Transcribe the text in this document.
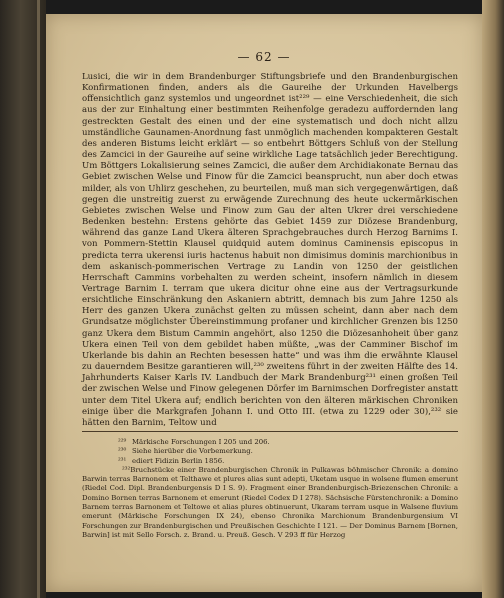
— 62 —

Lusici, die wir in dem Brandenburger Stiftungsbriefe und den Brandenburgischen Konfirmationen finden, anders als die Gaureihe der Urkunden Havelbergs offensichtlich ganz systemlos und ungeordnet ist²²⁹ — eine Verschiedenheit, die sich aus der zur Einhaltung einer bestimmten Reihenfolge geradezu auffordernden lang gestreckten Gestalt des einen und der eine systematisch und doch nicht allzu umständliche Gaunamen-Anordnung fast unmöglich machenden kompakteren Gestalt des anderen Bistums leicht erklärt — so entbehrt Böttgers Schluß von der Stellung des Zamcici in der Gaureihe auf seine wirkliche Lage tatsächlich jeder Berechtigung. Um Böttgers Lokalisierung seines Zamcici, die außer dem Archidiakonate Bernau das Gebiet zwischen Welse und Finow für die Zamcici beansprucht, nun aber doch etwas milder, als von Uhlirz geschehen, zu beurteilen, muß man sich vergegenwärtigen, daß gegen die unstreitig zuerst zu erwägende Zurechnung des heute uckermärkischen Gebietes zwischen Welse und Finow zum Gau der alten Ukrer drei verschiedene Bedenken bestehn: Erstens gehörte das Gebiet 1459 zur Diözese Brandenburg, während das ganze Land Ukera älteren Sprachgebrauches durch Herzog Barnims I. von Pommern-Stettin Klausel quidquid autem dominus Caminensis episcopus in predicta terra ukerensi iuris hactenus habuit non dimisimus dominis marchionibus in dem askanisch-pommerischen Vertrage zu Landin von 1250 der geistlichen Herrschaft Cammins vorbehalten zu werden scheint, insofern nämlich in diesem Vertrage Barnim I. terram que ukera dicitur ohne eine aus der Vertragsurkunde ersichtliche Einschränkung den Askaniern abtritt, demnach bis zum Jahre 1250 als Herr des ganzen Ukera zunächst gelten zu müssen scheint, dann aber nach dem Grundsatze möglichster Übereinstimmung profaner und kirchlicher Grenzen bis 1250 ganz Ukera dem Bistum Cammin angehört, also 1250 die Diözesanhoheit über ganz Ukera einen Teil von dem gebildet haben müßte, „was der Camminer Bischof im Ukerlande bis dahin an Rechten besessen hatte“ und was ihm die erwähnte Klausel zu dauerndem Besitze garantieren will,²³⁰ zweitens führt in der zweiten Hälfte des 14. Jahrhunderts Kaiser Karls IV. Landbuch der Mark Brandenburg²³¹ einen großen Teil der zwischen Welse und Finow gelegenen Dörfer im Barnimschen Dorfregister anstatt unter dem Titel Ukera auf; endlich berichten von den älteren märkischen Chroniken einige über die Markgrafen Johann I. und Otto III. (etwa zu 1229 oder 30),²³² sie hätten den Barnim, Teltow und

²²⁹ Märkische Forschungen I 205 und 206.
²³⁰ Siehe hierüber die Vorbemerkung.
²³¹ ediert Fidizin Berlin 1856.
²³²Bruchstücke einer Brandenburgischen Chronik in Pulkawas böhmischer Chronik: a domino Barwin terras Barnonem et Telthawe et plures alias sunt adepti, Uketam usque in wolsene flumen emerunt (Riedel Cod. Dipl. Brandenburgensis D I S. 9). Fragment einer Brandenburgisch-Briezenschen Chronik: a Domino Bornen terras Barnonem et emerunt (Riedel Codex D I 278). Sächsische Fürstenchronik: a Domino Barnem terras Barnonem et Teltowe et alias plures obtinuerunt, Ukaram terram usque in Walsene fluvium emerunt (Märkische Forschungen IX 24), ebenso Chronika Marchionum Brandenburgensium VI Forschungen zur Brandenburgischen und Preußischen Geschichte I 121. — Der Dominus Barnem [Bornen, Barwin] ist mit Sello Forsch. z. Brand. u. Preuß. Gesch. V 293 ff für Herzog
